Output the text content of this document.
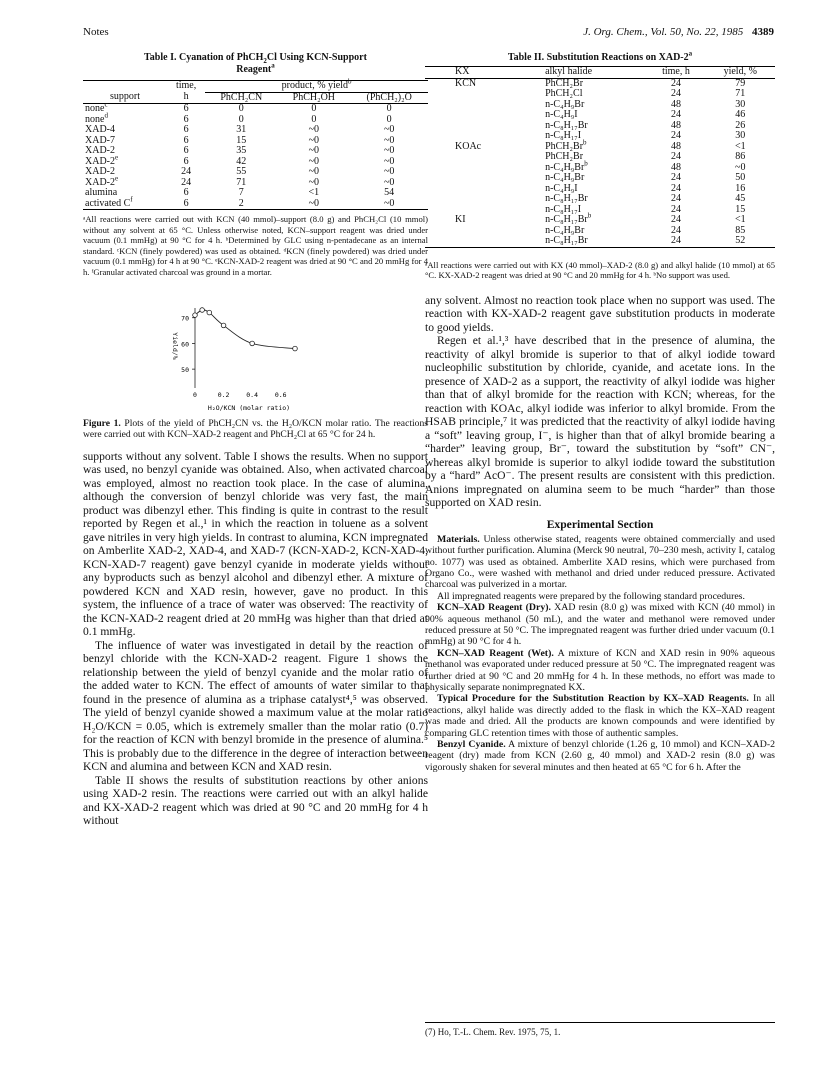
Notes	J. Org. Chem., Vol. 50, No. 22, 1985 4389
Table I. Cyanation of PhCH$_2$Cl Using KCN-Support
Reagent$^a$
	time,	product, % yield$^b$
support	h	PhCH₂CN	PhCH₂OH	(PhCH₂)₂O
none$^c$	6	0	0	0
none$^d$	6	0	0	0
XAD-4	6	31	~0	~0
XAD-7	6	15	~0	~0
XAD-2	6	35	~0	~0
XAD-2e	6	42	~0	~0
XAD-2	24	55	~0	~0
XAD-2e	24	71	~0	~0
alumina	6	7	<1	54
activated $C^f$	6	2	~0	~0

ᵃAll reactions were carried out with KCN (40 mmol)–support (8.0 g) and PhCH₂Cl (10 mmol) without any solvent at 65 °C. Unless otherwise noted, KCN–support reagent was dried under vacuum (0.1 mmHg) at 90 °C for 4 h. ᵇDetermined by GLC using n-pentadecane as an internal standard. ᶜKCN (finely powdered) was used as obtained. ᵈKCN (finely powdered) was dried under vacuum (0.1 mmHg) for 4 h at 90 °C. ᵉKCN-XAD-2 reagent was dried at 90 °C and 20 mmHg for 4 h. ᶠGranular activated charcoal was ground in a mortar.

70
60
50
0	0.2	0.4	0.6
Yield/%
H₂O/KCN (molar ratio)
Figure 1. Plots of the yield of PhCH₂CN vs. the H₂O/KCN molar ratio. The reactions were carried out with KCN–XAD-2 reagent and PhCH₂Cl at 65 °C for 24 h.

supports without any solvent. Table I shows the results. When no support was used, no benzyl cyanide was obtained. Also, when activated charcoal was employed, almost no reaction took place. In the case of alumina, although the conversion of benzyl chloride was very fast, the main product was dibenzyl ether. This finding is quite in contrast to the result reported by Regen et al.,¹ in which the reaction in toluene as a solvent gave nitriles in very high yields. In contrast to alumina, KCN impregnated on Amberlite XAD-2, XAD-4, and XAD-7 (KCN-XAD-2, KCN-XAD-4, KCN-XAD-7 reagent) gave benzyl cyanide in moderate yields without any byproducts such as benzyl alcohol and dibenzyl ether. A mixture of powdered KCN and XAD resin, however, gave no product. In this system, the influence of a trace of water was observed: The reactivity of the KCN-XAD-2 reagent dried at 20 mmHg was higher than that dried at 0.1 mmHg.

The influence of water was investigated in detail by the reaction of benzyl chloride with the KCN-XAD-2 reagent. Figure 1 shows the relationship between the yield of benzyl cyanide and the molar ratio of the added water to KCN. The effect of amounts of water similar to that found in the presence of alumina as a triphase catalyst⁴,⁵ was observed. The yield of benzyl cyanide showed a maximum value at the molar ratio H₂O/KCN = 0.05, which is extremely smaller than the molar ratio (0.7) for the reaction of KCN with benzyl bromide in the presence of alumina.⁵ This is probably due to the difference in the degree of interaction between KCN and alumina and between KCN and XAD resin.

Table II shows the results of substitution reactions by other anions using XAD-2 resin. The reactions were carried out with an alkyl halide and KX-XAD-2 reagent which was dried at 90 °C and 20 mmHg for 4 h without

Table II. Substitution Reactions on XAD-2$^a$
KX	alkyl halide	time, h	yield, %
KCN	PhCH₂Br	24	79
	PhCH₂Cl	24	71
	n-C₄H₉Br	48	30
	n-C₄H₉I	24	46
	n-C₈H₁₇Br	48	26
	n-C₈H₁₇I	24	30
KOAc	PhCH₂Br$^b$	48	<1
	PhCH₂Br	24	86
	n-C₄H₉Br$^b$	48	~0
	n-C₄H₉Br	24	50
	n-C₄H₉I	24	16
	n-C₈H₁₇Br	24	45
	n-C₈H₁₇I	24	15
KI	n-C₈H₁₇Br$^b$	24	<1
	n-C₄H₉Br	24	85
	n-C₈H₁₇Br	24	52

ᵃAll reactions were carried out with KX (40 mmol)–XAD-2 (8.0 g) and alkyl halide (10 mmol) at 65 °C. KX-XAD-2 reagent was dried at 90 °C and 20 mmHg for 4 h. ᵇNo support was used.

any solvent. Almost no reaction took place when no support was used. The reaction with KX-XAD-2 reagent gave substitution products in moderate to good yields.

Regen et al.¹,³ have described that in the presence of alumina, the reactivity of alkyl bromide is superior to that of alkyl iodide toward nucleophilic substitution by chloride, cyanide, and acetate ions. In the presence of XAD-2 as a support, the reactivity of alkyl iodide was higher than that of alkyl bromide for the reaction with KCN; whereas, for the reaction with KOAc, alkyl iodide was inferior to alkyl bromide. From the HSAB principle,⁷ it was predicted that the reactivity of alkyl iodide having a “soft” leaving group, I⁻, is higher than that of alkyl bromide bearing a “harder” leaving group, Br⁻, toward the substitution by “soft” CN⁻, whereas alkyl bromide is superior to alkyl iodide toward the substitution by a “hard” AcO⁻. The present results are consistent with this prediction. Anions impregnated on alumina seem to be much “harder” than those supported on XAD resin.

Experimental Section

Materials. Unless otherwise stated, reagents were obtained commercially and used without further purification. Alumina (Merck 90 neutral, 70–230 mesh, activity I, catalog no. 1077) was used as obtained. Amberlite XAD resins, which were purchased from Organo Co., were washed with methanol and dried under reduced pressure. Activated charcoal was pulverized in a mortar.

All impregnated reagents were prepared by the following standard procedures.

KCN–XAD Reagent (Dry). XAD resin (8.0 g) was mixed with KCN (40 mmol) in 90% aqueous methanol (50 mL), and the water and methanol were removed under reduced pressure at 50 °C. The impregnated reagent was further dried under vacuum (0.1 mmHg) at 90 °C for 4 h.

KCN–XAD Reagent (Wet). A mixture of KCN and XAD resin in 90% aqueous methanol was evaporated under reduced pressure at 50 °C. The impregnated reagent was further dried at 90 °C and 20 mmHg for 4 h. In these methods, no effort was made to physically separate nonimpregnated KX.

Typical Procedure for the Substitution Reaction by KX–XAD Reagents. In all reactions, alkyl halide was directly added to the flask in which the KX–XAD reagent was made and dried. All the products are known compounds and were identified by comparing GLC retention times with those of authentic samples.

Benzyl Cyanide. A mixture of benzyl chloride (1.26 g, 10 mmol) and KCN–XAD-2 reagent (dry) made from KCN (2.60 g, 40 mmol) and XAD-2 resin (8.0 g) was vigorously shaken for several minutes and then heated at 65 °C for 6 h. After the

(7) Ho, T.-L. Chem. Rev. 1975, 75, 1.
